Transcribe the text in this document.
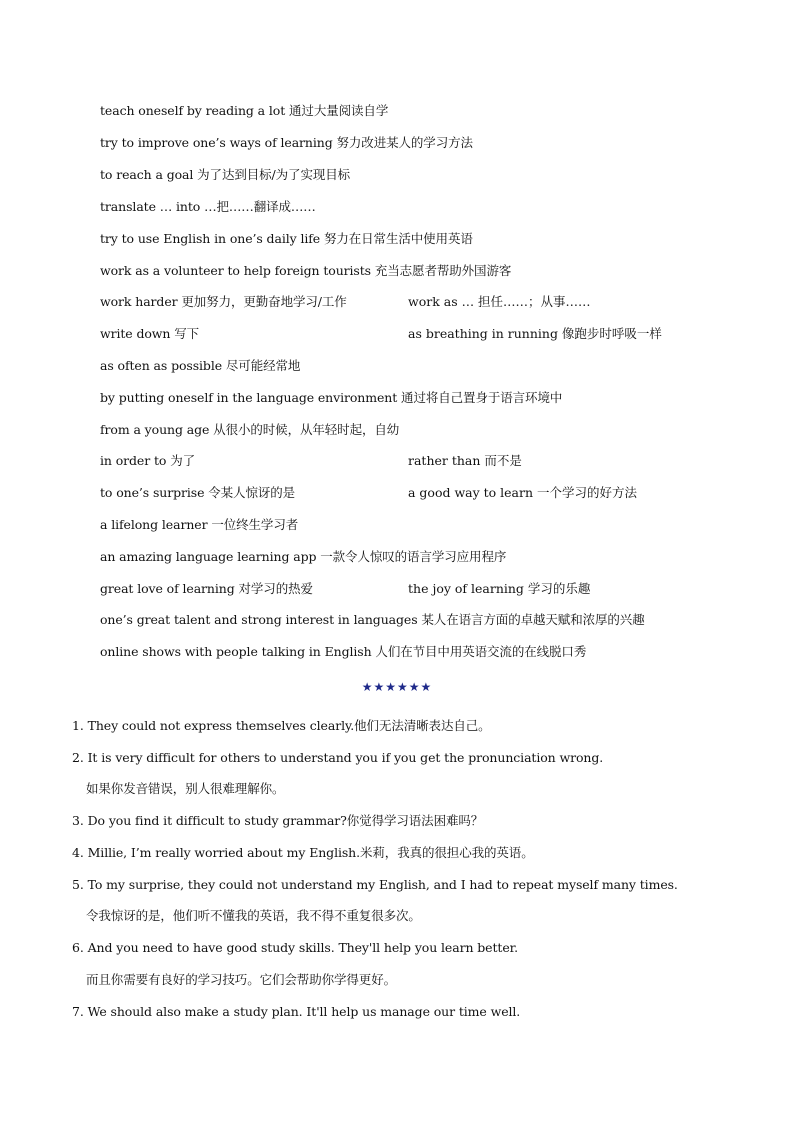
teach oneself by reading a lot 通过大量阅读自学
try to improve one’s ways of learning 努力改进某人的学习方法
to reach a goal 为了达到目标/为了实现目标
translate … into …把……翻译成……
try to use English in one’s daily life 努力在日常生活中使用英语
work as a volunteer to help foreign tourists 充当志愿者帮助外国游客
work harder 更加努力，更勤奋地学习/工作	work as … 担任……；从事……
write down 写下	as breathing in running 像跑步时呼吸一样
as often as possible 尽可能经常地
by putting oneself in the language environment 通过将自己置身于语言环境中
from a young age 从很小的时候，从年轻时起，自幼
in order to 为了	rather than 而不是
to one’s surprise 令某人惊讶的是	a good way to learn 一个学习的好方法
a lifelong learner 一位终生学习者
an amazing language learning app 一款令人惊叹的语言学习应用程序
great love of learning 对学习的热爱	the joy of learning 学习的乐趣
one’s great talent and strong interest in languages 某人在语言方面的卓越天赋和浓厚的兴趣
online shows with people talking in English 人们在节目中用英语交流的在线脱口秀
★★★★★★
1. They could not express themselves clearly.他们无法清晰表达自己。
2. It is very difficult for others to understand you if you get the pronunciation wrong.
如果你发音错误，别人很难理解你。
3. Do you find it difficult to study grammar?你觉得学习语法困难吗？
4. Millie, I’m really worried about my English.米莉，我真的很担心我的英语。
5. To my surprise, they could not understand my English, and I had to repeat myself many times.
令我惊讶的是，他们听不懂我的英语，我不得不重复很多次。
6. And you need to have good study skills. They'll help you learn better.
而且你需要有良好的学习技巧。它们会帮助你学得更好。
7. We should also make a study plan. It'll help us manage our time well.
